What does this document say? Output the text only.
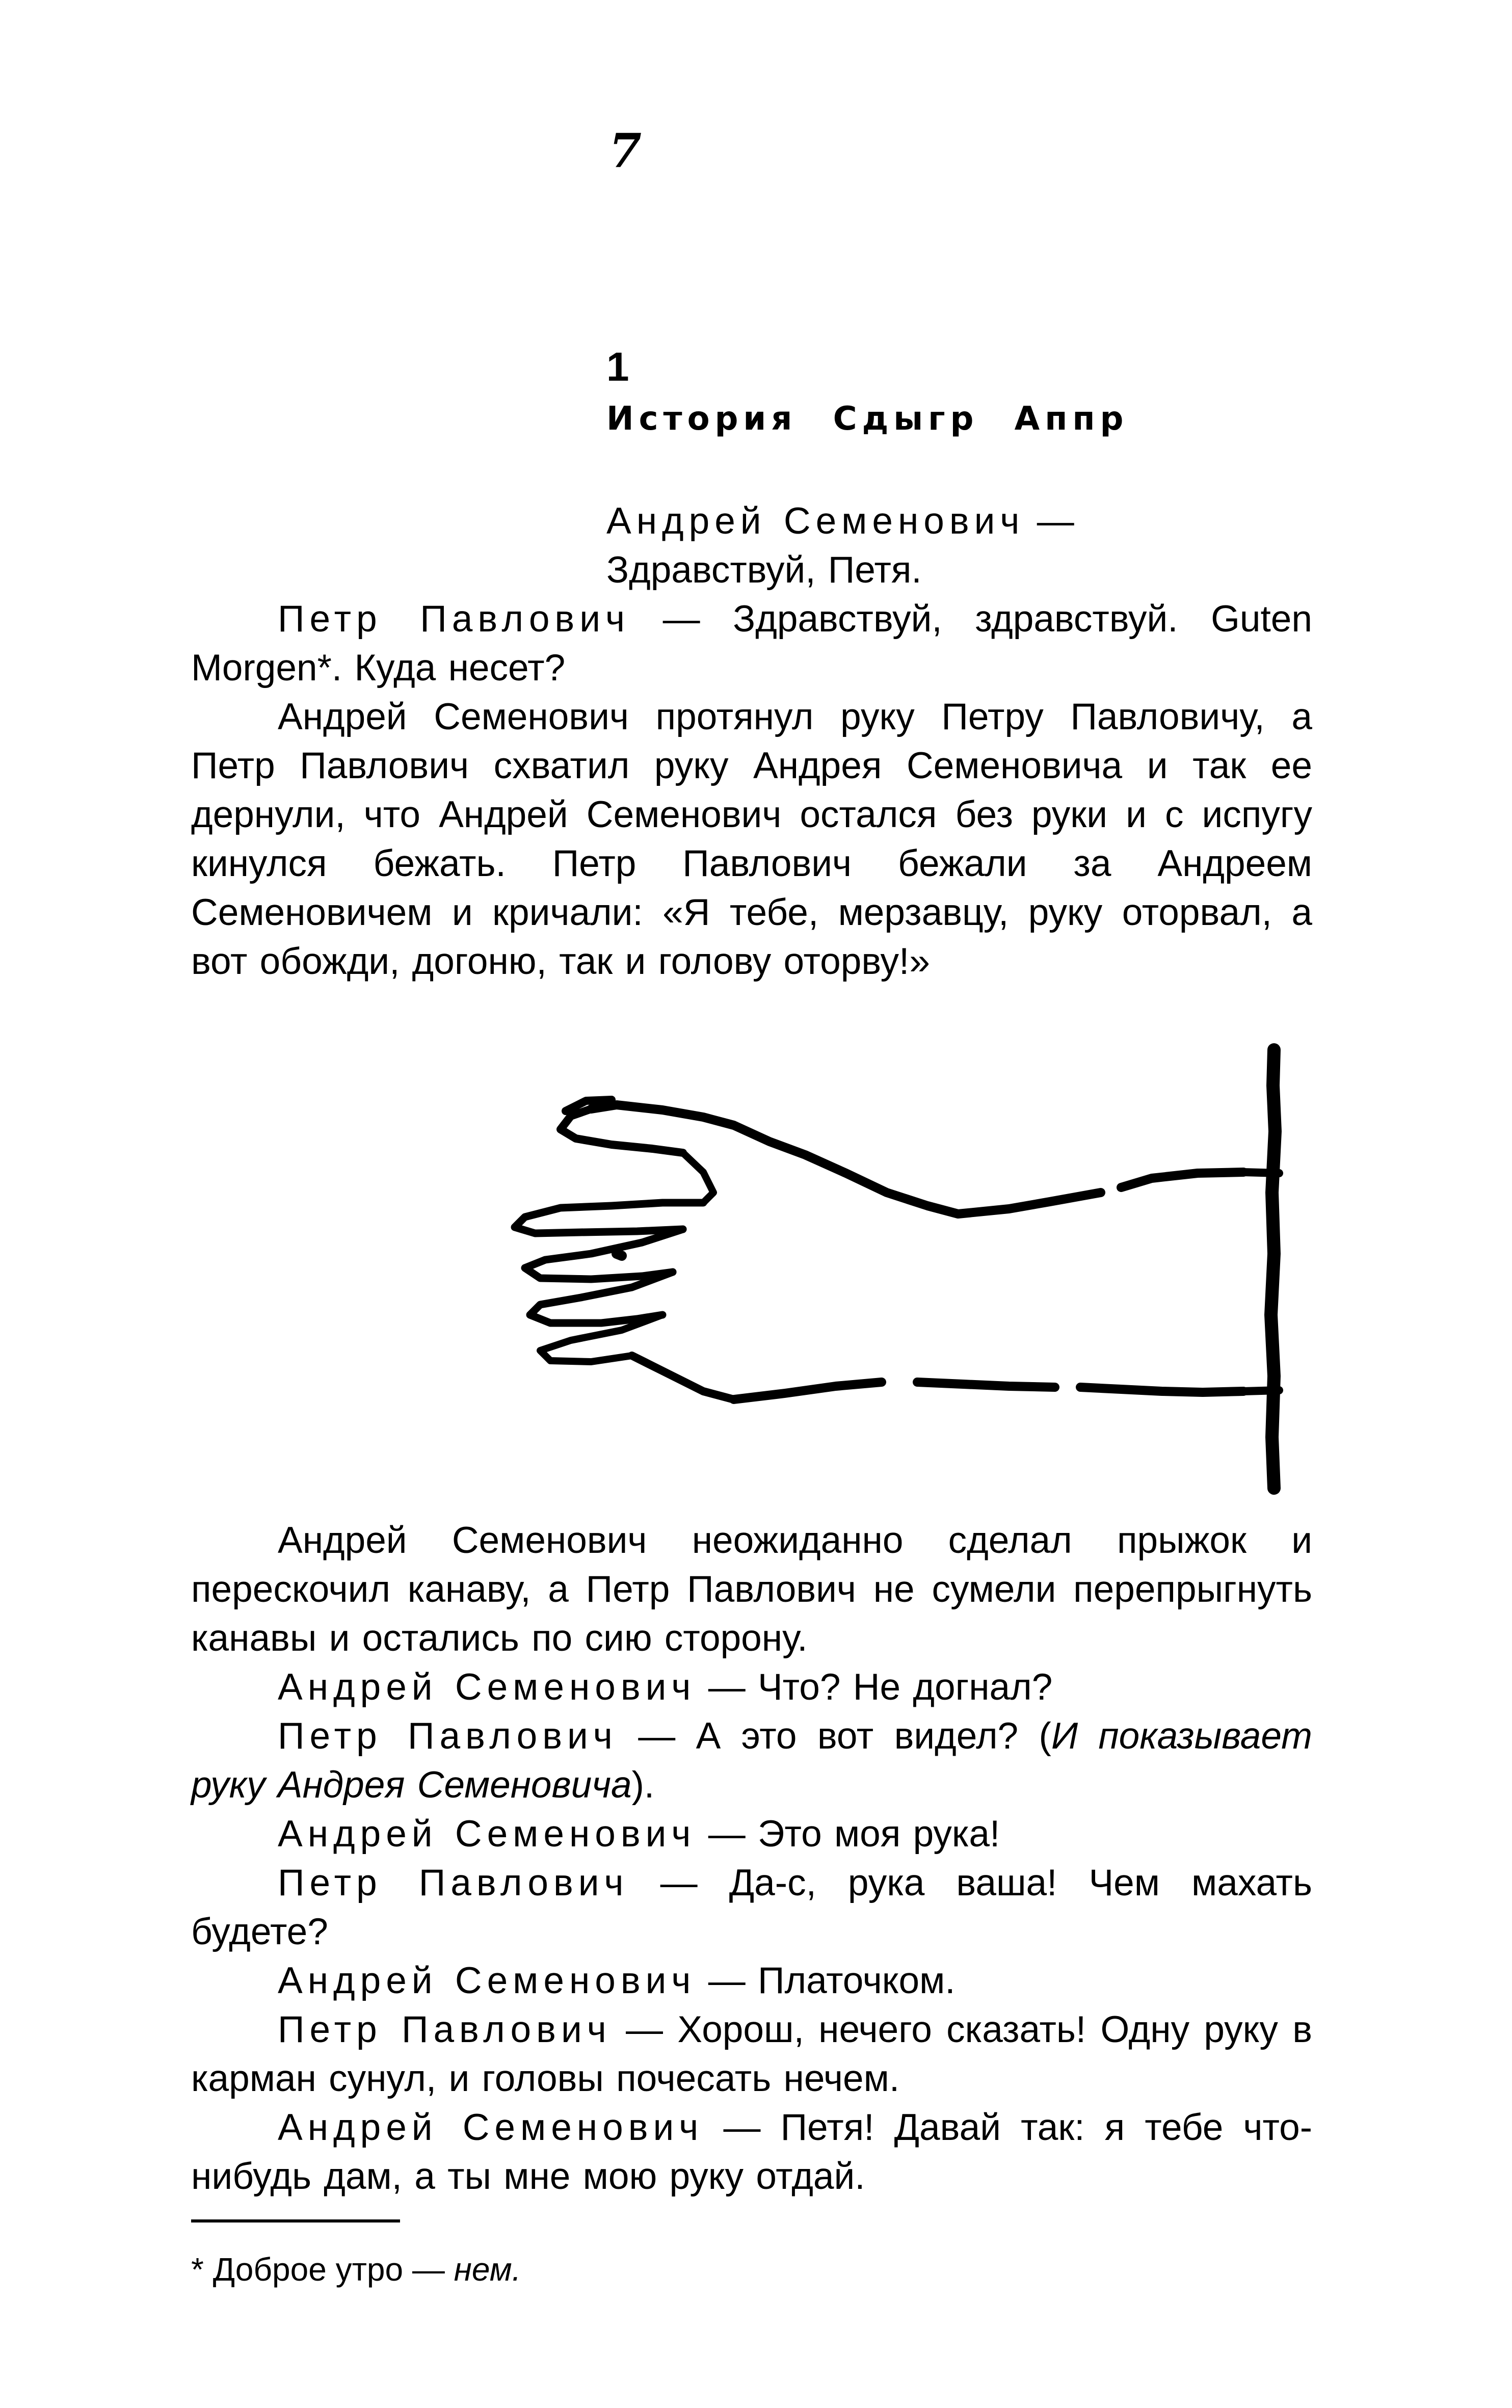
7
1
История Сдыгр Аппр

Андрей Семенович —
Здравствуй, Петя.

Петр Павлович — Здравствуй, здравствуй. Guten Morgen*. Куда несет?

Андрей Семенович протянул руку Петру Павловичу, а Петр Павлович схватил руку Андрея Семеновича и так ее дернули, что Андрей Семенович остался без руки и с испугу кинулся бежать. Петр Павлович бежали за Андреем Семеновичем и кричали: «Я тебе, мерзавцу, руку оторвал, а вот обожди, догоню, так и голову оторву!»

Андрей Семенович неожиданно сделал прыжок и перескочил канаву, а Петр Павлович не сумели перепрыгнуть канавы и остались по сию сторону.

Андрей Семенович — Что? Не догнал?

Петр Павлович — А это вот видел? (И показывает руку Андрея Семеновича).

Андрей Семенович — Это моя рука!

Петр Павлович — Да-с, рука ваша! Чем махать будете?

Андрей Семенович — Платочком.

Петр Павлович — Хорош, нечего сказать! Одну руку в карман сунул, и головы почесать нечем.

Андрей Семенович — Петя! Давай так: я тебе что-нибудь дам, а ты мне мою руку отдай.

* Доброе утро — нем.
